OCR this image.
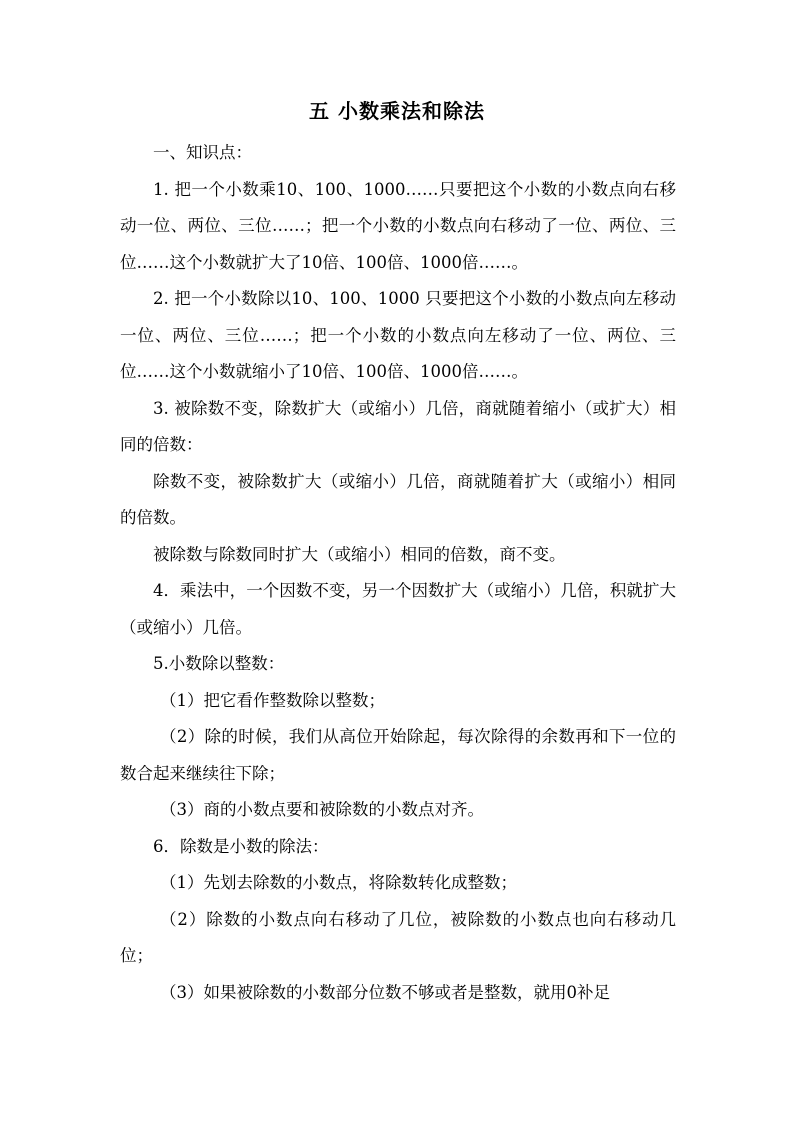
五 小数乘法和除法

一、知识点：

1. 把一个小数乘10、100、1000……只要把这个小数的小数点向右移动一位、两位、三位……；把一个小数的小数点向右移动了一位、两位、三位……这个小数就扩大了10倍、100倍、1000倍……。

2. 把一个小数除以10、100、1000 只要把这个小数的小数点向左移动一位、两位、三位……；把一个小数的小数点向左移动了一位、两位、三位……这个小数就缩小了10倍、100倍、1000倍……。

3. 被除数不变，除数扩大（或缩小）几倍，商就随着缩小（或扩大）相同的倍数：

除数不变，被除数扩大（或缩小）几倍，商就随着扩大（或缩小）相同的倍数。

被除数与除数同时扩大（或缩小）相同的倍数，商不变。

4．乘法中，一个因数不变，另一个因数扩大（或缩小）几倍，积就扩大（或缩小）几倍。

5.小数除以整数：

（1）把它看作整数除以整数；

（2）除的时候，我们从高位开始除起，每次除得的余数再和下一位的数合起来继续往下除；

（3）商的小数点要和被除数的小数点对齐。

6．除数是小数的除法：

（1）先划去除数的小数点，将除数转化成整数；

（2）除数的小数点向右移动了几位，被除数的小数点也向右移动几位；

（3）如果被除数的小数部分位数不够或者是整数，就用0补足
